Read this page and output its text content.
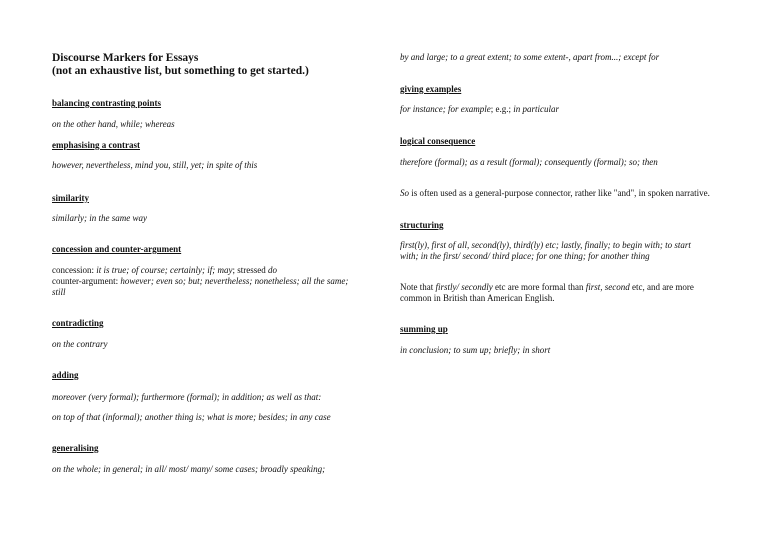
Discourse Markers for Essays
(not an exhaustive list, but something to get started.)
balancing contrasting points
on the other hand, while; whereas
emphasising a contrast
however, nevertheless, mind you, still, yet; in spite of this
similarity
similarly; in the same way
concession and counter-argument
concession: it is true; of course; certainly; if; may; stressed do
counter-argument: however; even so; but; nevertheless; nonetheless; all the same; still
contradicting
on the contrary
adding
moreover (very formal); furthermore (formal); in addition; as well as that:
on top of that (informal); another thing is; what is more; besides; in any case
generalising
on the whole; in general; in all/ most/ many/ some cases; broadly speaking;
by and large; to a great extent; to some extent-, apart from...; except for
giving examples
for instance; for example; e.g.; in particular
logical consequence
therefore (formal); as a result (formal); consequently (formal); so; then
So is often used as a general-purpose connector, rather like "and", in spoken narrative.
structuring
first(ly), first of all, second(ly), third(ly) etc; lastly, finally; to begin with; to start with; in the first/ second/ third place; for one thing; for another thing
Note that firstly/ secondly etc are more formal than first, second etc, and are more common in British than American English.
summing up
in conclusion; to sum up; briefly; in short
